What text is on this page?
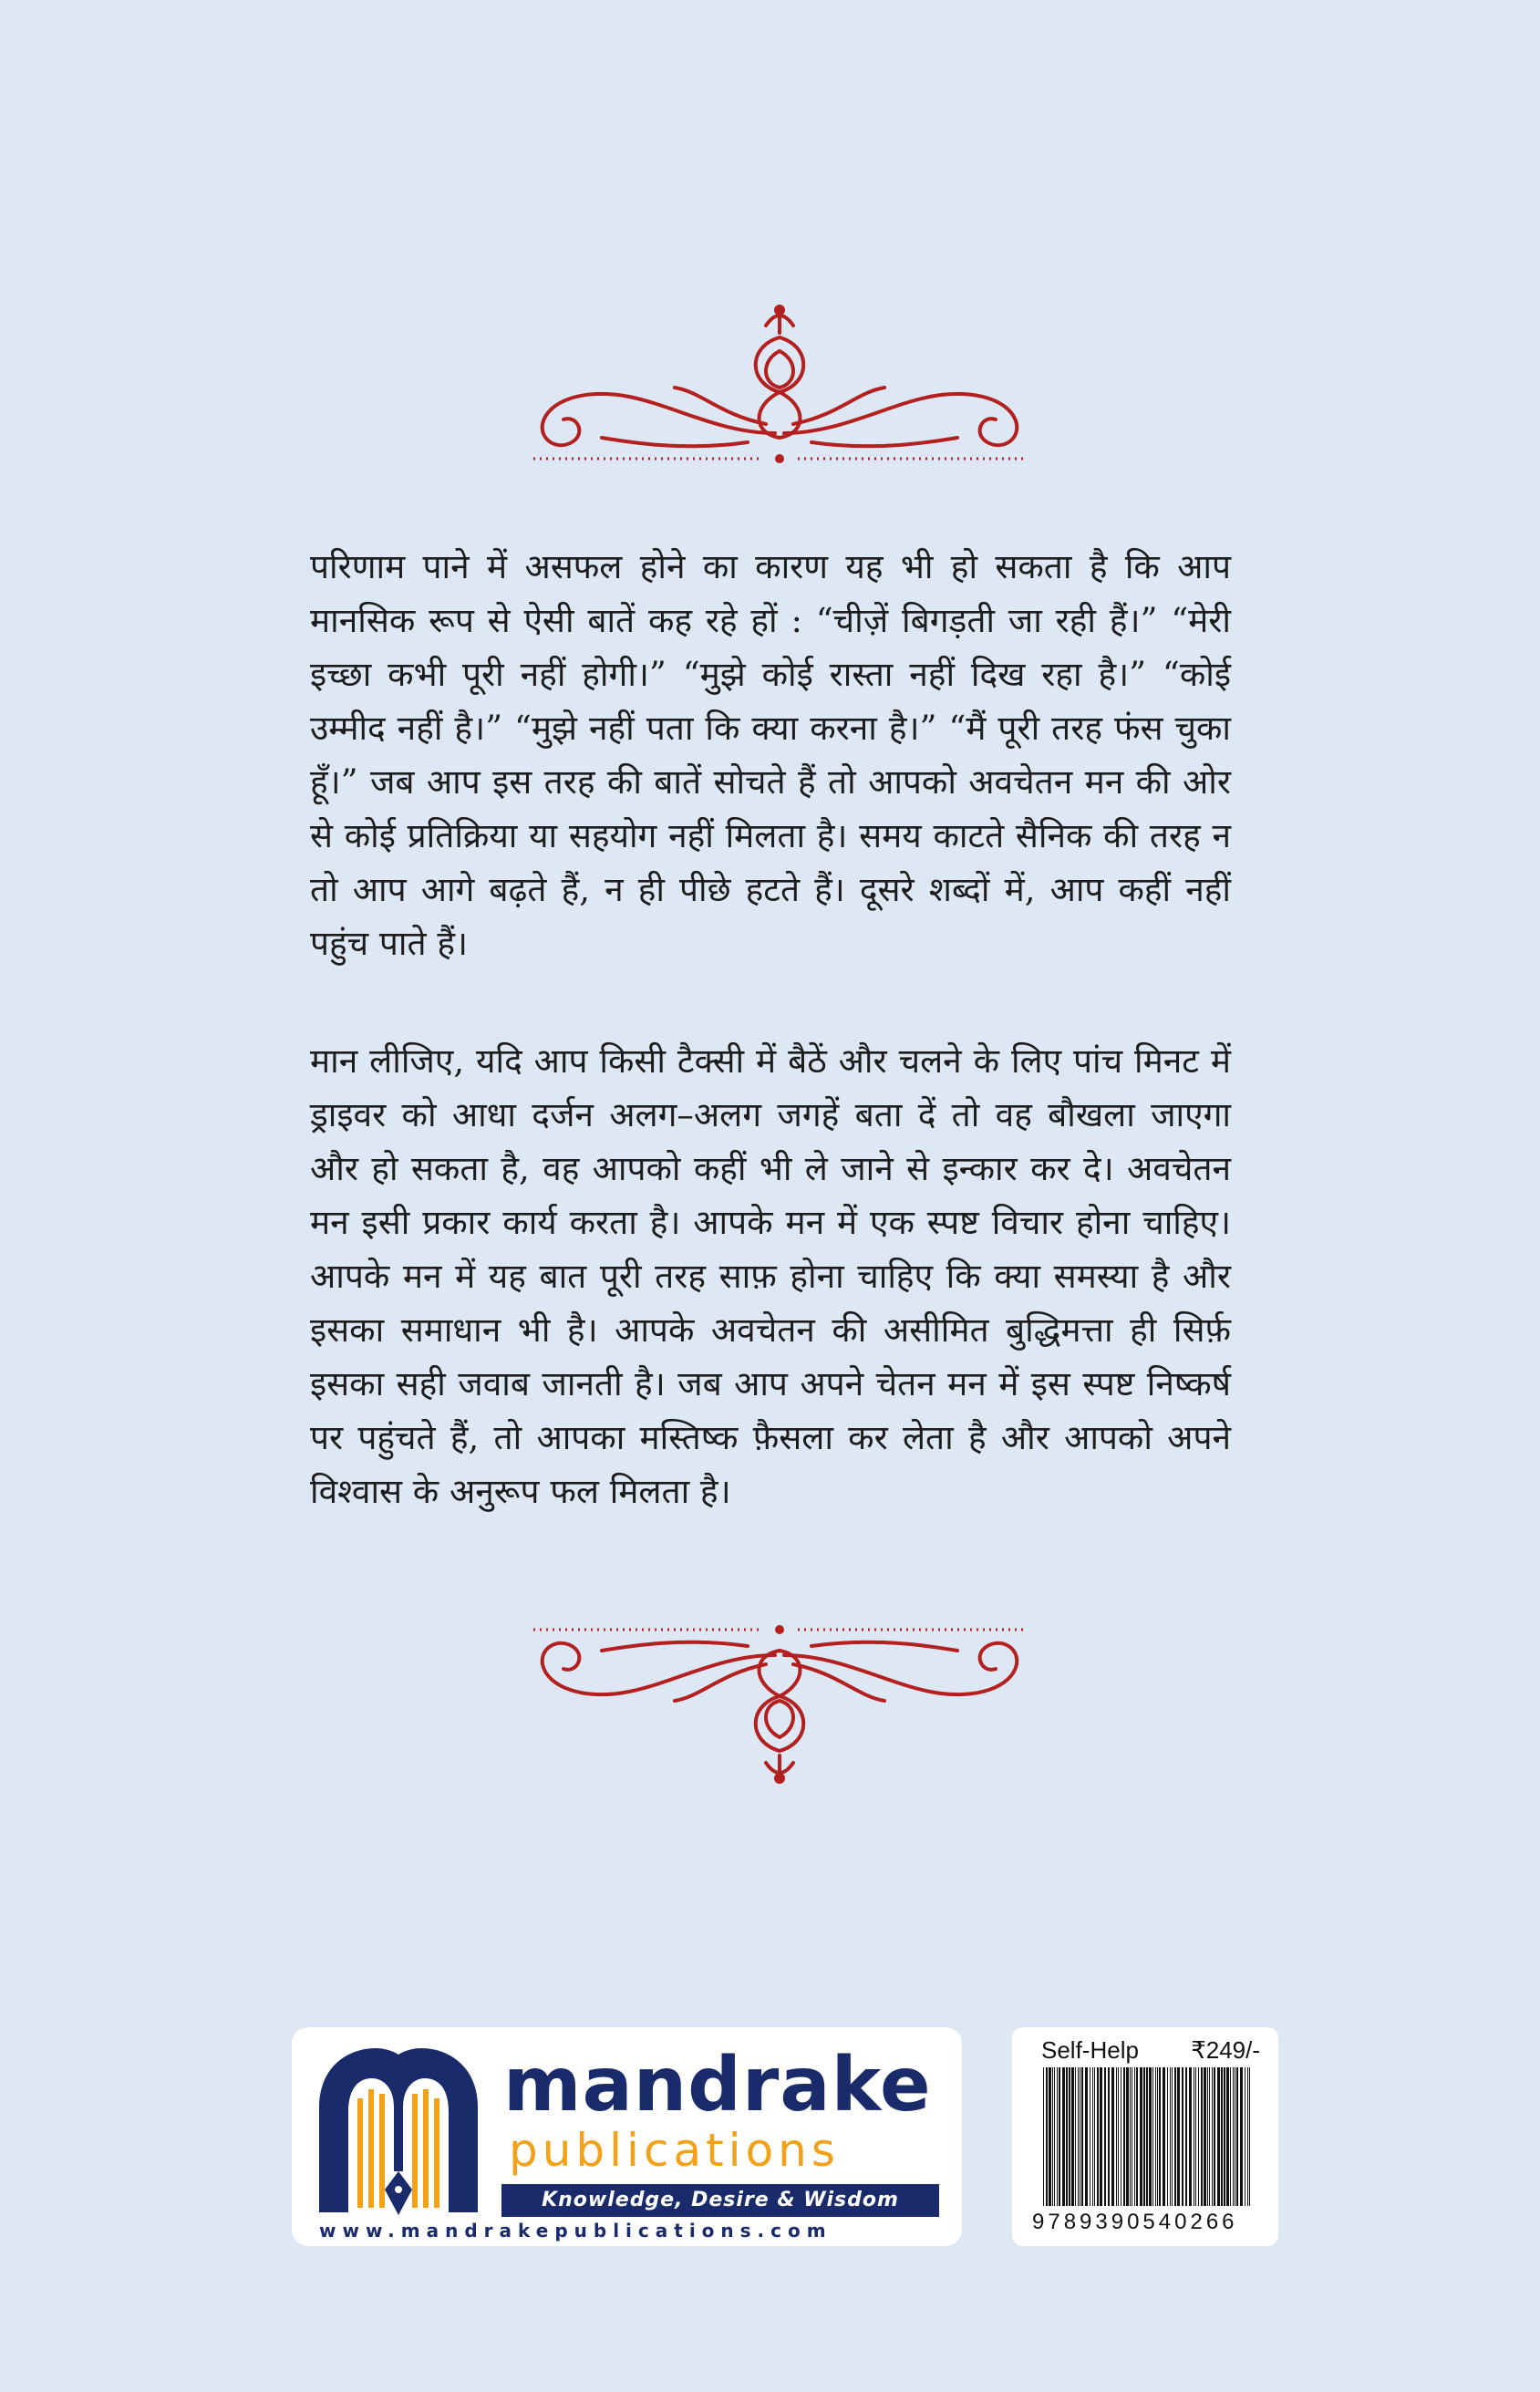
परिणाम पाने में असफल होने का कारण यह भी हो सकता है कि आप मानसिक रूप से ऐसी बातें कह रहे हों : “चीज़ें बिगड़ती जा रही हैं।” “मेरी इच्छा कभी पूरी नहीं होगी।” “मुझे कोई रास्ता नहीं दिख रहा है।” “कोई उम्मीद नहीं है।” “मुझे नहीं पता कि क्या करना है।” “मैं पूरी तरह फंस चुका हूँ।” जब आप इस तरह की बातें सोचते हैं तो आपको अवचेतन मन की ओर से कोई प्रतिक्रिया या सहयोग नहीं मिलता है। समय काटते सैनिक की तरह न तो आप आगे बढ़ते हैं, न ही पीछे हटते हैं। दूसरे शब्दों में, आप कहीं नहीं पहुंच पाते हैं।
मान लीजिए, यदि आप किसी टैक्सी में बैठें और चलने के लिए पांच मिनट में ड्राइवर को आधा दर्जन अलग–अलग जगहें बता दें तो वह बौखला जाएगा और हो सकता है, वह आपको कहीं भी ले जाने से इन्कार कर दे। अवचेतन मन इसी प्रकार कार्य करता है। आपके मन में एक स्पष्ट विचार होना चाहिए। आपके मन में यह बात पूरी तरह साफ़ होना चाहिए कि क्या समस्या है और इसका समाधान भी है। आपके अवचेतन की असीमित बुद्धिमत्ता ही सिर्फ़ इसका सही जवाब जानती है। जब आप अपने चेतन मन में इस स्पष्ट निष्कर्ष पर पहुंचते हैं, तो आपका मस्तिष्क फ़ैसला कर लेता है और आपको अपने विश्वास के अनुरूप फल मिलता है।
mandrake
publications
Knowledge, Desire & Wisdom
www.mandrakepublications.com
Self-Help ₹249/-
9789390540266
